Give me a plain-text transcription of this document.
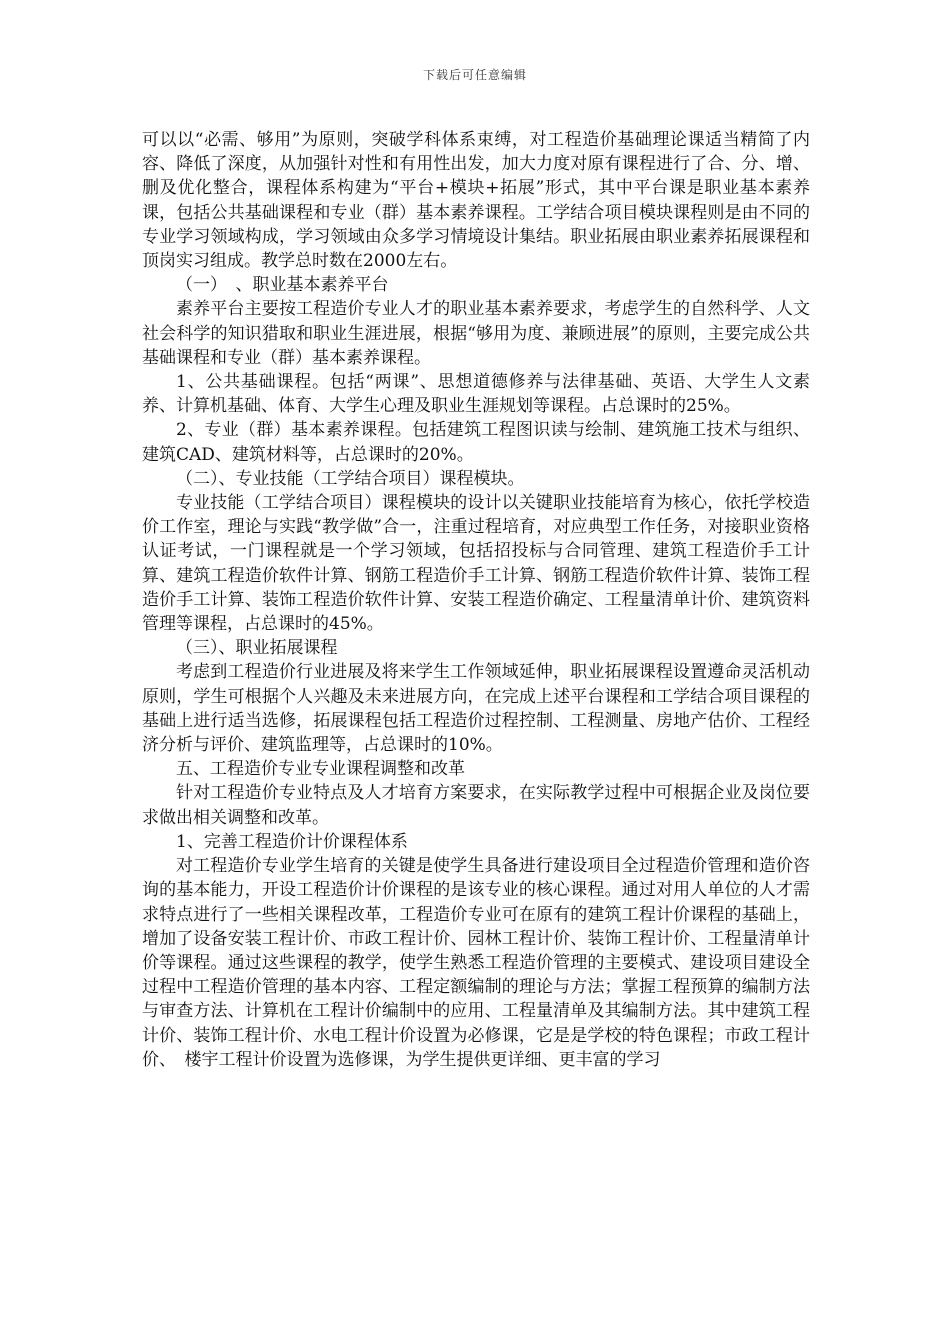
下载后可任意编辑

可以以“必需、够用”为原则，突破学科体系束缚，对工程造价基础理论课适当精简了内容、降低了深度，从加强针对性和有用性出发，加大力度对原有课程进行了合、分、增、删及优化整合，课程体系构建为“平台+模块+拓展”形式，其中平台课是职业基本素养课，包括公共基础课程和专业（群）基本素养课程。工学结合项目模块课程则是由不同的专业学习领域构成，学习领域由众多学习情境设计集结。职业拓展由职业素养拓展课程和顶岗实习组成。教学总时数在2000左右。

（一）　、职业基本素养平台

素养平台主要按工程造价专业人才的职业基本素养要求，考虑学生的自然科学、人文社会科学的知识猎取和职业生涯进展，根据“够用为度、兼顾进展”的原则，主要完成公共基础课程和专业（群）基本素养课程。

1、公共基础课程。包括“两课”、思想道德修养与法律基础、英语、大学生人文素养、计算机基础、体育、大学生心理及职业生涯规划等课程。占总课时的25%。

2、专业（群）基本素养课程。包括建筑工程图识读与绘制、建筑施工技术与组织、建筑CAD、建筑材料等，占总课时的20%。

（二）、专业技能（工学结合项目）课程模块。

专业技能（工学结合项目）课程模块的设计以关键职业技能培育为核心，依托学校造价工作室，理论与实践“教学做”合一，注重过程培育，对应典型工作任务，对接职业资格认证考试，一门课程就是一个学习领域，包括招投标与合同管理、建筑工程造价手工计算、建筑工程造价软件计算、钢筋工程造价手工计算、钢筋工程造价软件计算、装饰工程造价手工计算、装饰工程造价软件计算、安装工程造价确定、工程量清单计价、建筑资料管理等课程，占总课时的45%。

（三）、职业拓展课程

考虑到工程造价行业进展及将来学生工作领域延伸，职业拓展课程设置遵命灵活机动原则，学生可根据个人兴趣及未来进展方向，在完成上述平台课程和工学结合项目课程的基础上进行适当选修，拓展课程包括工程造价过程控制、工程测量、房地产估价、工程经济分析与评价、建筑监理等，占总课时的10%。

五、工程造价专业专业课程调整和改革

针对工程造价专业特点及人才培育方案要求，在实际教学过程中可根据企业及岗位要求做出相关调整和改革。

1、完善工程造价计价课程体系

对工程造价专业学生培育的关键是使学生具备进行建设项目全过程造价管理和造价咨询的基本能力，开设工程造价计价课程的是该专业的核心课程。通过对用人单位的人才需求特点进行了一些相关课程改革，工程造价专业可在原有的建筑工程计价课程的基础上，增加了设备安装工程计价、市政工程计价、园林工程计价、装饰工程计价、工程量清单计价等课程。通过这些课程的教学，使学生熟悉工程造价管理的主要模式、建设项目建设全过程中工程造价管理的基本内容、工程定额编制的理论与方法；掌握工程预算的编制方法与审查方法、计算机在工程计价编制中的应用、工程量清单及其编制方法。其中建筑工程计价、装饰工程计价、水电工程计价设置为必修课，它是是学校的特色课程；市政工程计价、　楼宇工程计价设置为选修课，为学生提供更详细、更丰富的学习
